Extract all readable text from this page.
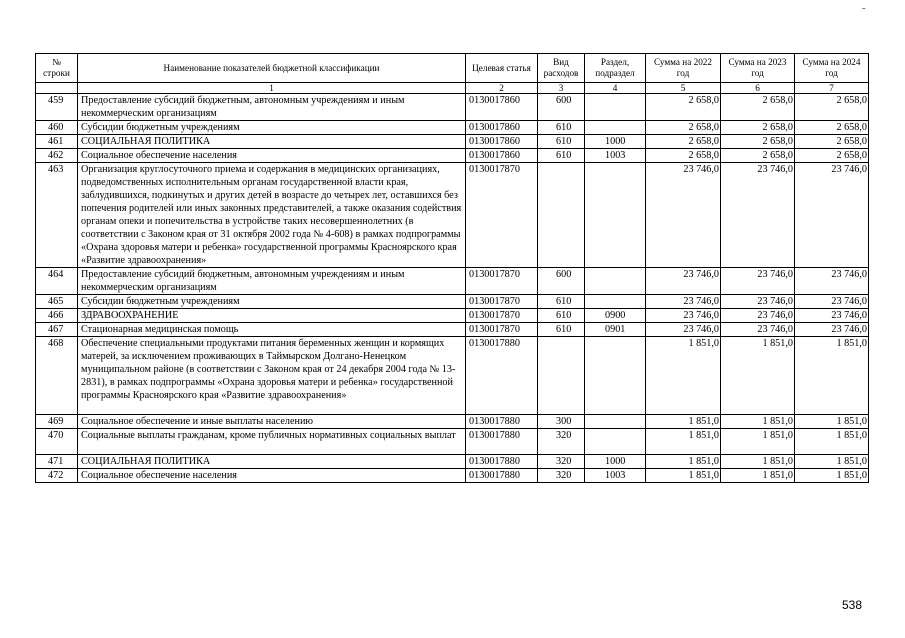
-
№ строки	Наименование показателей бюджетной классификации	Целевая статья	Вид расходов	Раздел, подраздел	Сумма на 2022 год	Сумма на 2023 год	Сумма на 2024 год
	1	2	3	4	5	6	7
459	Предоставление субсидий бюджетным, автономным учреждениям и иным некоммерческим организациям	0130017860	600		2 658,0	2 658,0	2 658,0
460	Субсидии бюджетным учреждениям	0130017860	610		2 658,0	2 658,0	2 658,0
461	СОЦИАЛЬНАЯ ПОЛИТИКА	0130017860	610	1000	2 658,0	2 658,0	2 658,0
462	Социальное обеспечение населения	0130017860	610	1003	2 658,0	2 658,0	2 658,0
463	Организация круглосуточного приема и содержания в медицинских организациях, подведомственных исполнительным органам государственной власти края, заблудившихся, подкинутых и других детей в возрасте до четырех лет, оставшихся без попечения родителей или иных законных представителей, а также оказания содействия органам опеки и попечительства в устройстве таких несовершеннолетних (в соответствии с Законом края от 31 октября 2002 года № 4-608) в рамках подпрограммы «Охрана здоровья матери и ребенка» государственной программы Красноярского края «Развитие здравоохранения»	0130017870			23 746,0	23 746,0	23 746,0
464	Предоставление субсидий бюджетным, автономным учреждениям и иным некоммерческим организациям	0130017870	600		23 746,0	23 746,0	23 746,0
465	Субсидии бюджетным учреждениям	0130017870	610		23 746,0	23 746,0	23 746,0
466	ЗДРАВООХРАНЕНИЕ	0130017870	610	0900	23 746,0	23 746,0	23 746,0
467	Стационарная медицинская помощь	0130017870	610	0901	23 746,0	23 746,0	23 746,0
468	Обеспечение специальными продуктами питания беременных женщин и кормящих матерей, за исключением проживающих в Таймырском Долгано-Ненецком муниципальном районе (в соответствии с Законом края от 24 декабря 2004 года № 13-2831), в рамках подпрограммы «Охрана здоровья матери и ребенка» государственной программы Красноярского края «Развитие здравоохранения»	0130017880			1 851,0	1 851,0	1 851,0
469	Социальное обеспечение и иные выплаты населению	0130017880	300		1 851,0	1 851,0	1 851,0
470	Социальные выплаты гражданам, кроме публичных нормативных социальных выплат	0130017880	320		1 851,0	1 851,0	1 851,0
471	СОЦИАЛЬНАЯ ПОЛИТИКА	0130017880	320	1000	1 851,0	1 851,0	1 851,0
472	Социальное обеспечение населения	0130017880	320	1003	1 851,0	1 851,0	1 851,0
538
